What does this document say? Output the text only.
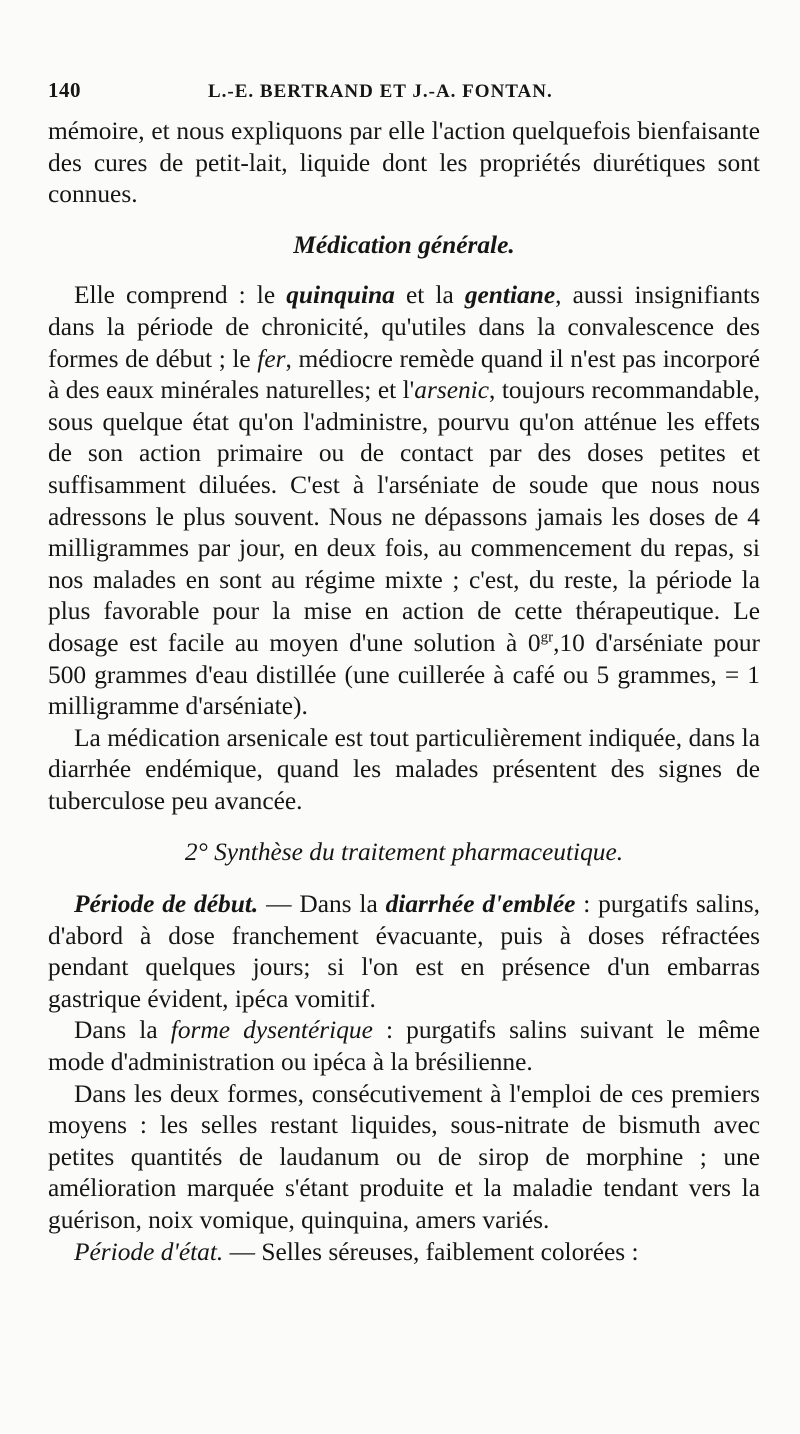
140	L.-E. BERTRAND ET J.-A. FONTAN.

mémoire, et nous expliquons par elle l'action quelquefois bienfaisante des cures de petit-lait, liquide dont les propriétés diurétiques sont connues.

Médication générale.

Elle comprend : le quinquina et la gentiane, aussi insignifiants dans la période de chronicité, qu'utiles dans la convalescence des formes de début ; le fer, médiocre remède quand il n'est pas incorporé à des eaux minérales naturelles; et l'arsenic, toujours recommandable, sous quelque état qu'on l'administre, pourvu qu'on atténue les effets de son action primaire ou de contact par des doses petites et suffisamment diluées. C'est à l'arséniate de soude que nous nous adressons le plus souvent. Nous ne dépassons jamais les doses de 4 milligrammes par jour, en deux fois, au commencement du repas, si nos malades en sont au régime mixte ; c'est, du reste, la période la plus favorable pour la mise en action de cette thérapeutique. Le dosage est facile au moyen d'une solution à $0^{gr},10$ d'arséniate pour 500 grammes d'eau distillée (une cuillerée à café ou 5 grammes, = 1 milligramme d'arséniate).

La médication arsenicale est tout particulièrement indiquée, dans la diarrhée endémique, quand les malades présentent des signes de tuberculose peu avancée.

2° Synthèse du traitement pharmaceutique.

Période de début. — Dans la diarrhée d'emblée : purgatifs salins, d'abord à dose franchement évacuante, puis à doses réfractées pendant quelques jours; si l'on est en présence d'un embarras gastrique évident, ipéca vomitif.

Dans la forme dysentérique : purgatifs salins suivant le même mode d'administration ou ipéca à la brésilienne.

Dans les deux formes, consécutivement à l'emploi de ces premiers moyens : les selles restant liquides, sous-nitrate de bismuth avec petites quantités de laudanum ou de sirop de morphine ; une amélioration marquée s'étant produite et la maladie tendant vers la guérison, noix vomique, quinquina, amers variés.

Période d'état. — Selles séreuses, faiblement colorées :
